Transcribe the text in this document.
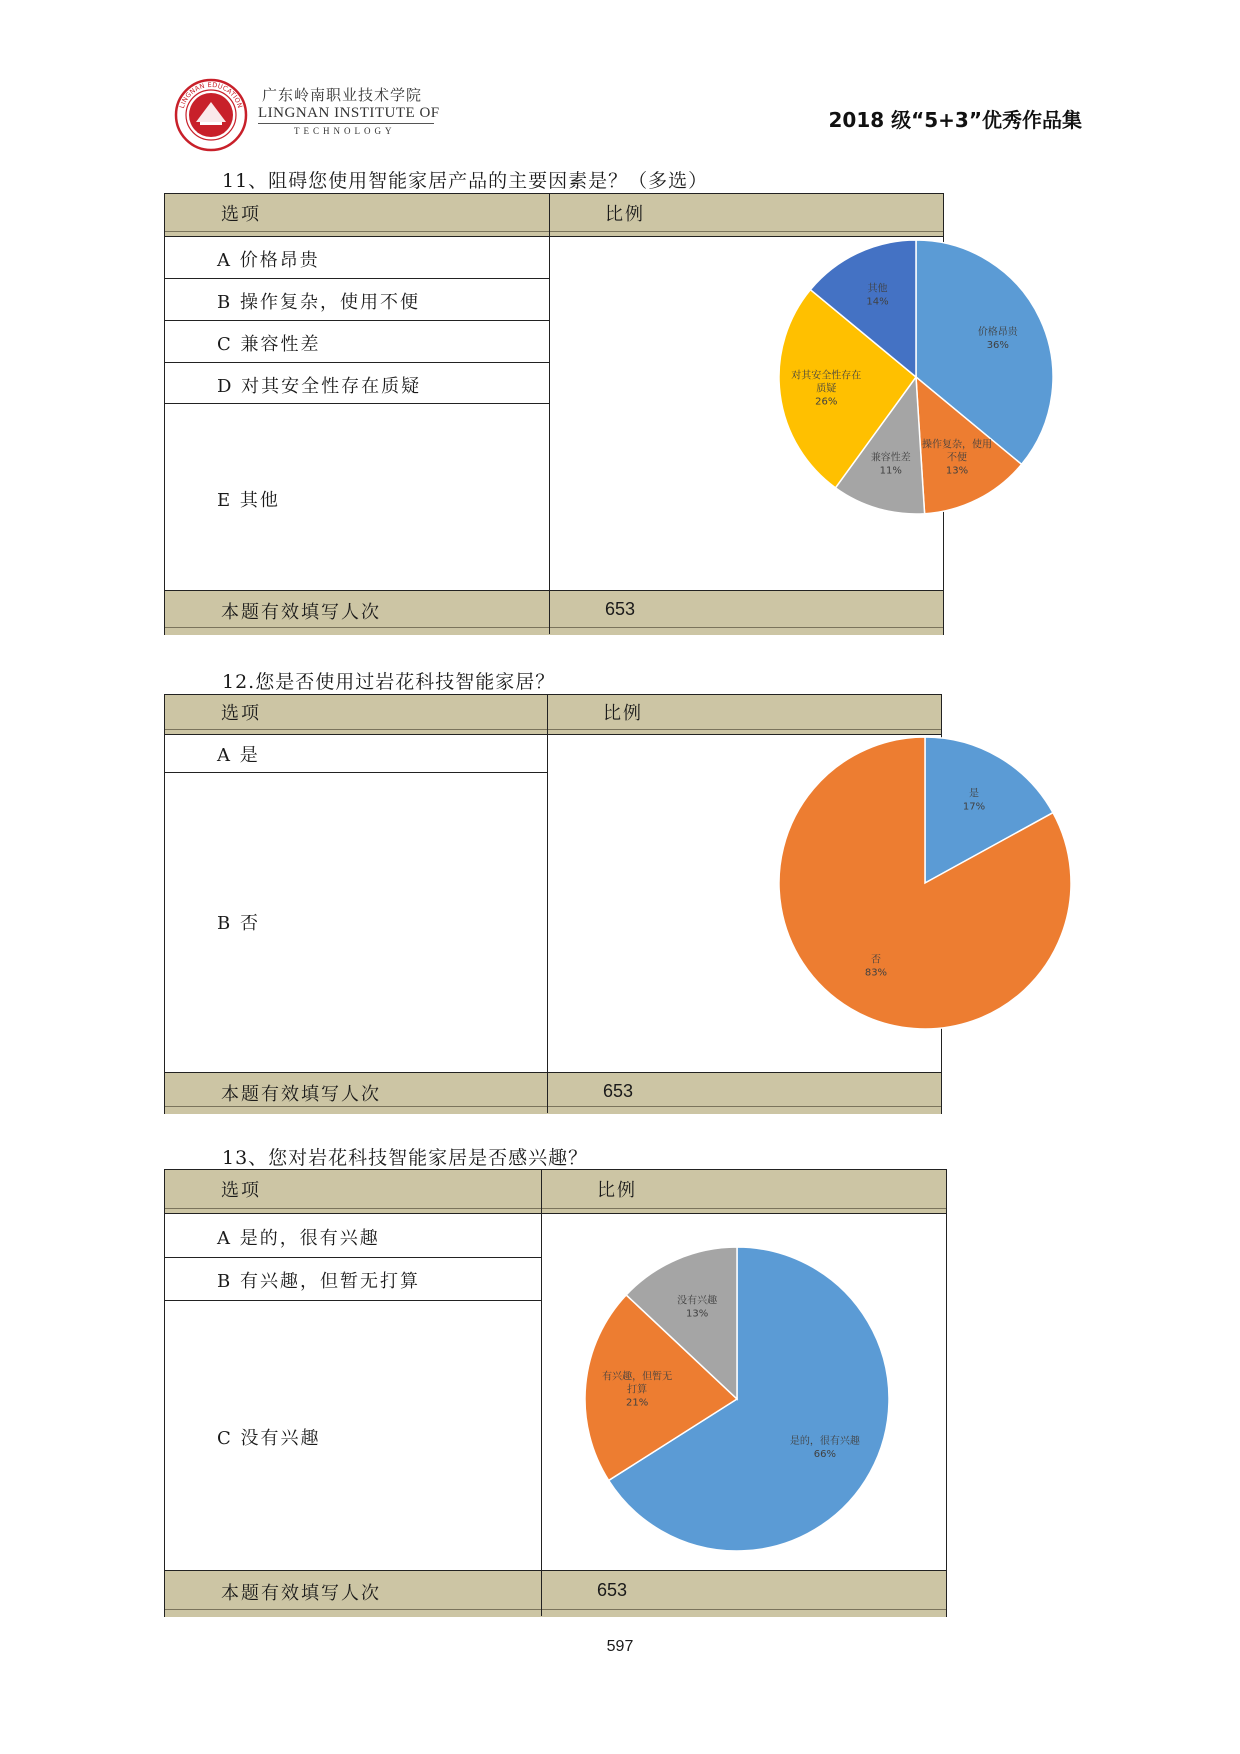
LINGNAN EDUCATION
EST.1993
广东岭南职业技术学院
LINGNAN INSTITUTE OF
TECHNOLOGY	2018 级“5+3”优秀作品集
11、阻碍您使用智能家居产品的主要因素是？（多选）
选项	比例
A 价格昂贵
B 操作复杂，使用不便
C 兼容性差
D 对其安全性存在质疑
E 其他
本题有效填写人次	653
价格昂贵 36%
操作复杂，使用不便 13%
兼容性差 11%
对其安全性存在质疑 26%
其他 14%
12.您是否使用过岩花科技智能家居？
选项	比例
A 是
B 否
本题有效填写人次	653
是 17%
否 83%
13、您对岩花科技智能家居是否感兴趣？
选项	比例
A 是的，很有兴趣
B 有兴趣，但暂无打算
C 没有兴趣
本题有效填写人次	653
是的，很有兴趣 66%
有兴趣，但暂无打算 21%
没有兴趣 13%
597
